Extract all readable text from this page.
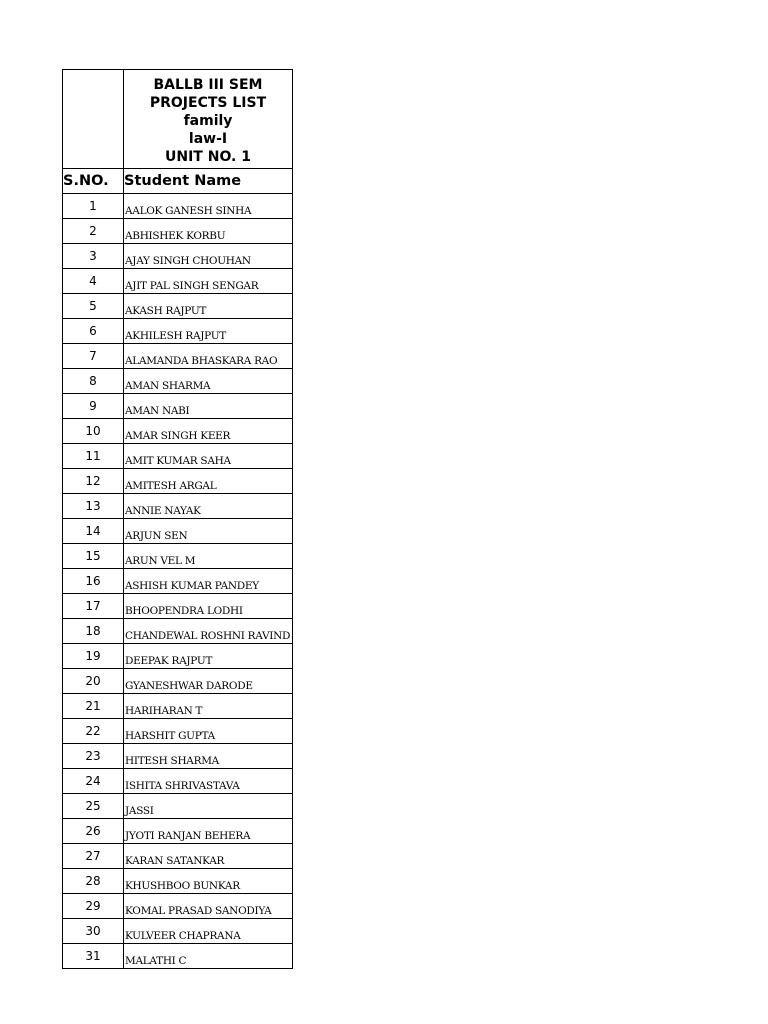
	BALLB III SEM
PROJECTS LIST family
law-I
UNIT NO. 1

S.NO.	Student Name
1	AALOK GANESH SINHA
2	ABHISHEK KORBU
3	AJAY SINGH CHOUHAN
4	AJIT PAL SINGH SENGAR
5	AKASH RAJPUT
6	AKHILESH RAJPUT
7	ALAMANDA BHASKARA RAO
8	AMAN SHARMA
9	AMAN NABI
10	AMAR SINGH KEER
11	AMIT KUMAR SAHA
12	AMITESH ARGAL
13	ANNIE NAYAK
14	ARJUN SEN
15	ARUN VEL M
16	ASHISH KUMAR PANDEY
17	BHOOPENDRA LODHI
18	CHANDEWAL ROSHNI RAVIND
19	DEEPAK RAJPUT
20	GYANESHWAR DARODE
21	HARIHARAN T
22	HARSHIT GUPTA
23	HITESH SHARMA
24	ISHITA SHRIVASTAVA
25	JASSI
26	JYOTI RANJAN BEHERA
27	KARAN SATANKAR
28	KHUSHBOO BUNKAR
29	KOMAL PRASAD SANODIYA
30	KULVEER CHAPRANA
31	MALATHI C
